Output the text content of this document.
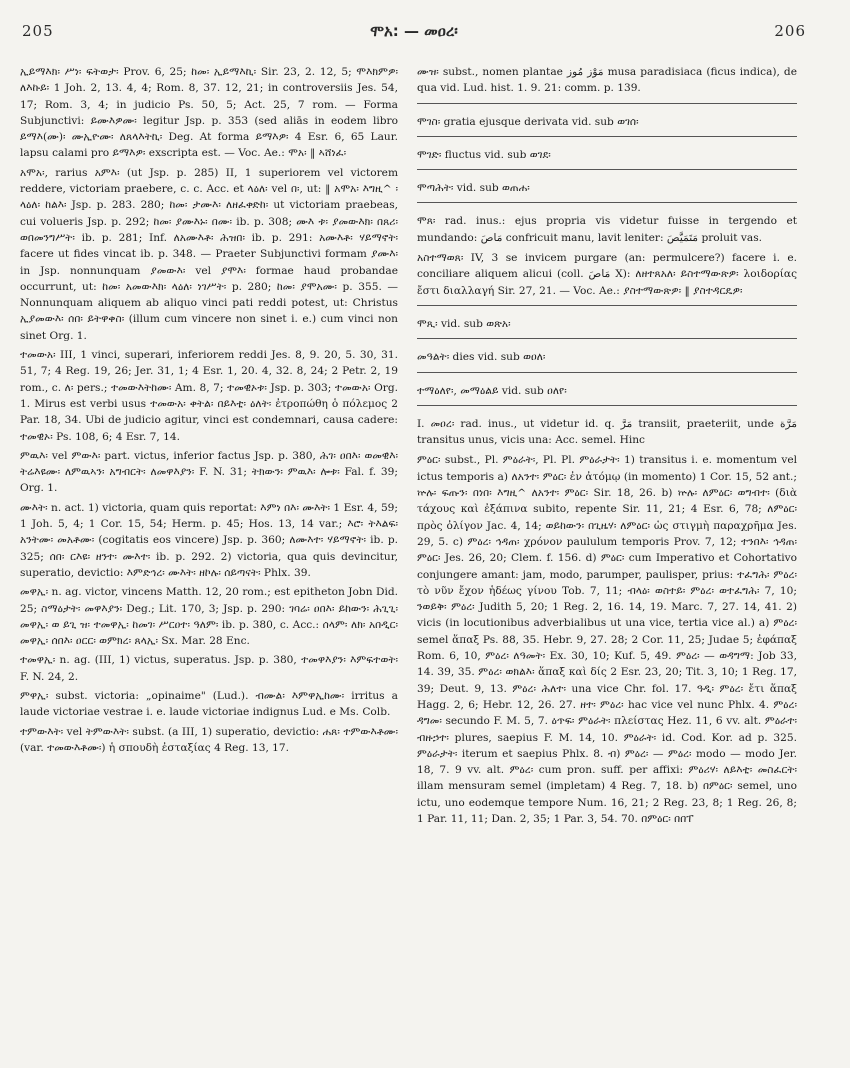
205	ሞአ: — መዐረ፡	206

ኢይማእክ፡ ሥነ፡ ፍትወታ፡ Prov. 6, 25; ከመ፡ ኢይማእኪ፡ Sir. 23, 2. 12, 5; ሞእክምዎ፡ ለእኩይ፡ 1 Joh. 2, 13. 4, 4; Rom. 8, 37. 12, 21; in controversiis Jes. 54, 17; Rom. 3, 4; in judicio Ps. 50, 5; Act. 25, 7 rom. — Forma Subjunctivi: ይሙእዎሙ፡ legitur Jsp. p. 353 (sed aliās in eodem libro ይማእ(ሙ)፡ ሙኢዮሙ፡ ለጸላእትኪ፡ Deg. At forma ይማእዎ፡ 4 Esr. 6, 65 Laur. lapsu calami pro ይማእዎ፡ exscripta est. — Voc. Ae.: ሞአ፡ ‖ ኣሸነፈ፡

አሞአ፡, rarius አምእ፡ (ut Jsp. p. 285) II, 1 superiorem vel victorem reddere, victoriam praebere, c. c. Acc. et ላዕለ፡ vel በ፡, ut: ‖ አሞአ፡ እግዚ^ ፡ ላዕለ፡ ከልእ፡ Jsp. p. 283. 280; ከመ፡ ታሙእ፡ ለዘፈቀድከ፡ ut victoriam praebeas, cui volueris Jsp. p. 292; ከመ፡ ያሙእኑ፡ በሙ፡ ib. p. 308; ሙእ ቱ፡ ያመውእክ፡ በጸሪ፡ ወበመንግሥት፡ ib. p. 281; Inf. ለአሙእቶ፡ ሕዝበ፡ ib. p. 291: አሙእቶ፡ ሃይማኖት፡ facere ut fides vincat ib. p. 348. — Praeter Subjunctivi formam ያሙእ፡ in Jsp. nonnunquam ያመውእ፡ vel ያሞእ፡ formae haud probandae occurrunt, ut: ከመ፡ አመውእክ፡ ላዕለ፡ ነገሥት፡ p. 280; ከመ፡ ያሞአሙ፡ p. 355. — Nonnunquam aliquem ab aliquo vinci pati reddi potest, ut: Christus ኢያመውእ፡ ሰበ፡ ይትዋቀስ፡ (illum cum vincere non sinet i. e.) cum vinci non sinet Org. 1.

ተመውአ፡ III, 1 vinci, superari, inferiorem reddi Jes. 8, 9. 20, 5. 30, 31. 51, 7; 4 Reg. 19, 26; Jer. 31, 1; 4 Esr. 1, 20. 4, 32. 8, 24; 2 Petr. 2, 19 rom., c. ለ፡ pers.; ተመውእትከሙ፡ Am. 8, 7; ተመዊኦቱ፡ Jsp. p. 303; ተመውአ፡ Org. 1. Mirus est verbi usus ተመውአ፡ ቀትል፡ በይእቲ፡ ዕለት፡ ἐτροπώθη ὁ πόλεμος 2 Par. 18, 34. Ubi de judicio agitur, vinci est condemnari, causa cadere: ተመዊኦ፡ Ps. 108, 6; 4 Esr. 7, 14.

ምዉእ፡ vel ምውእ፡ part. victus, inferior factus Jsp. p. 380, ሕገ፡ ዐበእ፡ ወመዊእ፡ ትሬእዩሙ፡ ለምዉኣን፡ አግብርት፡ ለመዋእያን፡ F. N. 31; ትክውን፡ ምዉእ፡ ሎቱ፡ Fal. f. 39; Org. 1.

ሙእት፡ n. act. 1) victoria, quam quis reportat: እምነ በእ፡ ሙእት፡ 1 Esr. 4, 59; 1 Joh. 5, 4; 1 Cor. 15, 54; Herm. p. 45; Hos. 13, 14 var.; እሮ፡ ትእልፍ፡ አንትሙ፡ መአቶሙ፡ (cogitatis eos vincere) Jsp. p. 360; ለሙእተ፡ ሃይማኖት፡ ib. p. 325; ሰበ፡ ርእዩ፡ ዘንተ፡ ሙእተ፡ ib. p. 292. 2) victoria, qua quis devincitur, superatio, devictio: እምድኅረ፡ ሙእት፡ ዘኮሉ፡ ሰይጣናት፡ Phlx. 39.

መዋኢ፡ n. ag. victor, vincens Matth. 12, 20 rom.; est epitheton Jobn Did. 25; ስማዕታት፡ መዋእያን፡ Deg.; Lit. 170, 3; Jsp. p. 290: ገባሬ፡ ዐበእ፡ ይከውን፡ ሕጊጊ፡ መዋኢ፡ ወ ይጊ ዝ፡ ተመዋኢ፡ ከመገ፡ ሥርዐተ፡ ዓለም፡ ib. p. 380, c. Acc.: ሰላም፡ ለክ፡ አበዲር፡ መዋኢ፡ ሰበእ፡ ዐርር፡ ወምክረ፡ ጸላኢ፡ Sx. Mar. 28 Enc.

ተመዋኢ፡ n. ag. (III, 1) victus, superatus. Jsp. p. 380, ተመዋእያን፡ እምፍተወት፡ F. N. 24, 2.

ምዋኢ፡ subst. victoria: „opinaime" (Lud.). ብሙል፡ እምዋኢከሙ፡ irritus a laude victoriae vestrae i. e. laude victoriae indignus Lud. e Ms. Colb.

ተምውእት፡ vel ትምውእት፡ subst. (a III, 1) superatio, devictio: ሐጸ፡ ተምውእቶሙ፡ (var. ተመውእቶሙ፡) ἡ σπουδὴ ἐσταξίας 4 Reg. 13, 17.

ሙዝ፡ subst., nomen plantae مَوْز مُوز musa paradisiaca (ficus indica), de qua vid. Lud. hist. 1. 9. 21: comm. p. 139.

ሞገስ፡ gratia ejusque derivata vid. sub ወገሰ፡

ሞገድ፡ fluctus vid. sub ወገደ፡

ሞጣሕት፡ vid. sub ወጠሐ፡

ሞጸ፡ rad. inus.: ejus propria vis videtur fuisse in tergendo et mundando: مَاصَ confricuit manu, lavit leniter: مَتَمَيَّصَ proluit vas.

አስተማወጸ፡ IV, 3 se invicem purgare (an: permulcere?) facere i. e. conciliare aliquem alicui (coll. مَاصَ X): ለዘተጸአለ፡ ይስተማውጽዎ፡ λοιδορίας ἔστι διαλλαγή Sir. 27, 21. — Voc. Ae.: ያስተማውጽዎ፡ ‖ ያስተዳርዴዎ፡

ሞጺ፡ vid. sub ወጽአ፡

መዓልት፡ dies vid. sub ወዐለ፡

ተማዕለየ፡, መማዕልይ vid. sub ዐለየ፡

I. መዐረ፡ rad. inus., ut videtur id. q. مَرَّ transiit, praeteriit, unde مَرَّة transitus unus, vicis una: Acc. semel. Hinc

ምዕር፡ subst., Pl. ምዕራት፡, Pl. Pl. ምዕራታት፡ 1) transitus i. e. momentum vel ictus temporis a) ለአንተ፡ ምዕር፡ ἐν ἀτόμῳ (in momento) 1 Cor. 15, 52 ant.; ኵሉ፡ ፍጡን፡ በነበ፡ እግዚ^ ለአንተ፡ ምዕር፡ Sir. 18, 26. b) ኵሉ፡ ለምዕር፡ ወግብተ፡ (διὰ τάχους καὶ ἐξάπινα subito, repente Sir. 11, 21; 4 Esr. 6, 78; ለምዕር፡ πρὸς ὀλίγον Jac. 4, 14; ወይከውን፡ በጊዜሃ፡ ለምዕር፡ ὡς στιγμὴ παραχρῆμα Jes. 29, 5. c) ምዕረ፡ ኅዳጠ፡ χρόνον paululum temporis Prov. 7, 12; ተንበእ፡ ኅዳጠ፡ ምዕር፡ Jes. 26, 20; Clem. f. 156. d) ምዕር፡ cum Imperativo et Cohortativo conjungere amant: jam, modo, parumper, paulisper, prius: ተፈግሕ፡ ምዕረ፡ τὸ νῦν ἔχον ἡδέως γίνου Tob. 7, 11; ብላዕ፡ ወስተይ፡ ምዕረ፡ ወተፈግሕ፡ 7, 10; ንወይቅ፡ ምዕረ፡ Judith 5, 20; 1 Reg. 2, 16. 14, 19. Marc. 7, 27. 14, 41. 2) vicis (in locutionibus adverbialibus ut una vice, tertia vice al.) a) ምዕረ፡ semel ἅπαξ Ps. 88, 35. Hebr. 9, 27. 28; 2 Cor. 11, 25; Judae 5; ἐφάπαξ Rom. 6, 10, ምዕረ፡ ለዓመት፡ Ex. 30, 10; Kuf. 5, 49. ምዕረ፡ — ወዳግማ: Job 33, 14. 39, 35. ምዕረ፡ ወክልእ፡ ἅπαξ καὶ δίς 2 Esr. 23, 20; Tit. 3, 10; 1 Reg. 17, 39; Deut. 9, 13. ምዕረ፡ ሕለተ፡ una vice Chr. fol. 17. ዓዲ፡ ምዕረ፡ ἔτι ἅπαξ Hagg. 2, 6; Hebr. 12, 26. 27. ዘተ፡ ምዕረ፡ hac vice vel nunc Phlx. 4. ምዕረ፡ ዳግመ፡ secundo F. M. 5, 7. ዕጥፍ፡ ምዕራት፡ πλείστας Hez. 11, 6 vv. alt. ምዕራተ፡ ብዙኃተ፡ plures, saepius F. M. 14, 10. ምዕራት፡ id. Cod. Kor. ad p. 325. ምዕራታት፡ iterum et saepius Phlx. 8. ብ) ምዕረ፡ — ምዕረ፡ modo — modo Jer. 18, 7. 9 vv. alt. ምዕረ፡ cum pron. suff. per affixi: ምዕሪሃ፡ ለይእቲ፡ መስፈርት፡ illam mensuram semel (impletam) 4 Reg. 7, 18. b) በምዕር፡ semel, uno ictu, uno eodemque tempore Num. 16, 21; 2 Reg. 23, 8; 1 Reg. 26, 8; 1 Par. 11, 11; Dan. 2, 35; 1 Par. 3, 54. 70. በምዕር፡ በበፐ
